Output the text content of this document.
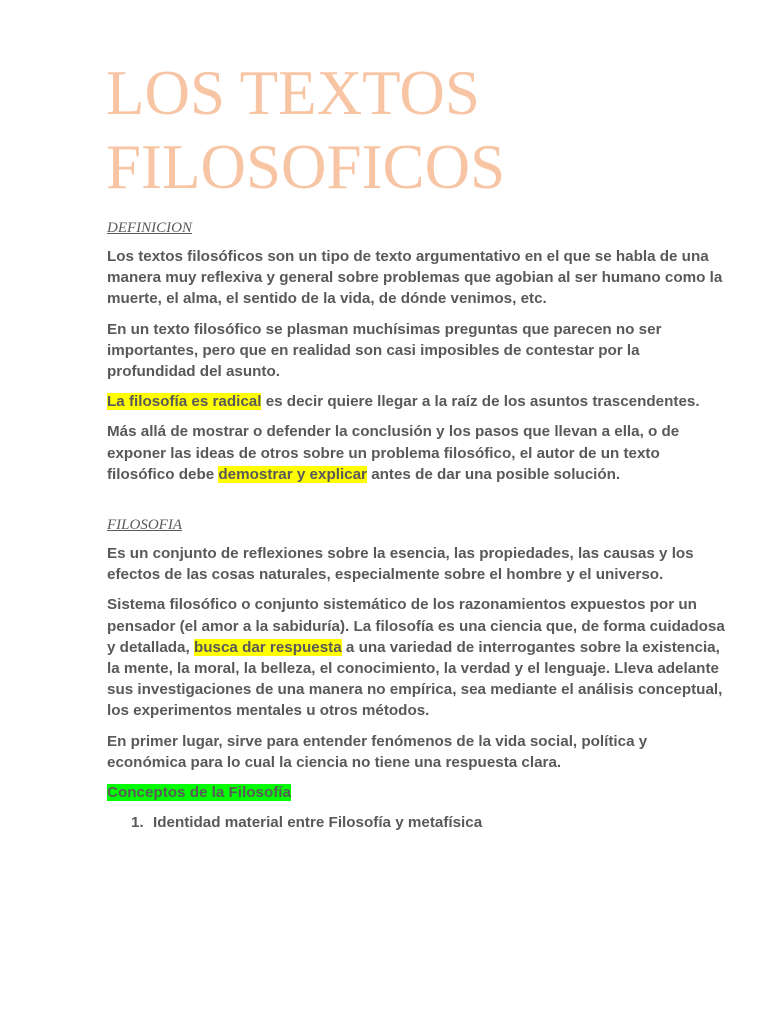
LOS TEXTOS FILOSOFICOS
DEFINICION

Los textos filosóficos son un tipo de texto argumentativo en el que se habla de una manera muy reflexiva y general sobre problemas que agobian al ser humano como la muerte, el alma, el sentido de la vida, de dónde venimos, etc.

En un texto filosófico se plasman muchísimas preguntas que parecen no ser importantes, pero que en realidad son casi imposibles de contestar por la profundidad del asunto.

La filosofía es radical es decir quiere llegar a la raíz de los asuntos trascendentes.

Más allá de mostrar o defender la conclusión y los pasos que llevan a ella, o de exponer las ideas de otros sobre un problema filosófico, el autor de un texto filosófico debe demostrar y explicar antes de dar una posible solución.

FILOSOFIA

Es un conjunto de reflexiones sobre la esencia, las propiedades, las causas y los efectos de las cosas naturales, especialmente sobre el hombre y el universo.

Sistema filosófico o conjunto sistemático de los razonamientos expuestos por un pensador (el amor a la sabiduría). La filosofía es una ciencia que, de forma cuidadosa y detallada, busca dar respuesta a una variedad de interrogantes sobre la existencia, la mente, la moral, la belleza, el conocimiento, la verdad y el lenguaje. Lleva adelante sus investigaciones de una manera no empírica, sea mediante el análisis conceptual, los experimentos mentales u otros métodos.

En primer lugar, sirve para entender fenómenos de la vida social, política y económica para lo cual la ciencia no tiene una respuesta clara.

Conceptos de la Filosofía

1. Identidad material entre Filosofía y metafísica
